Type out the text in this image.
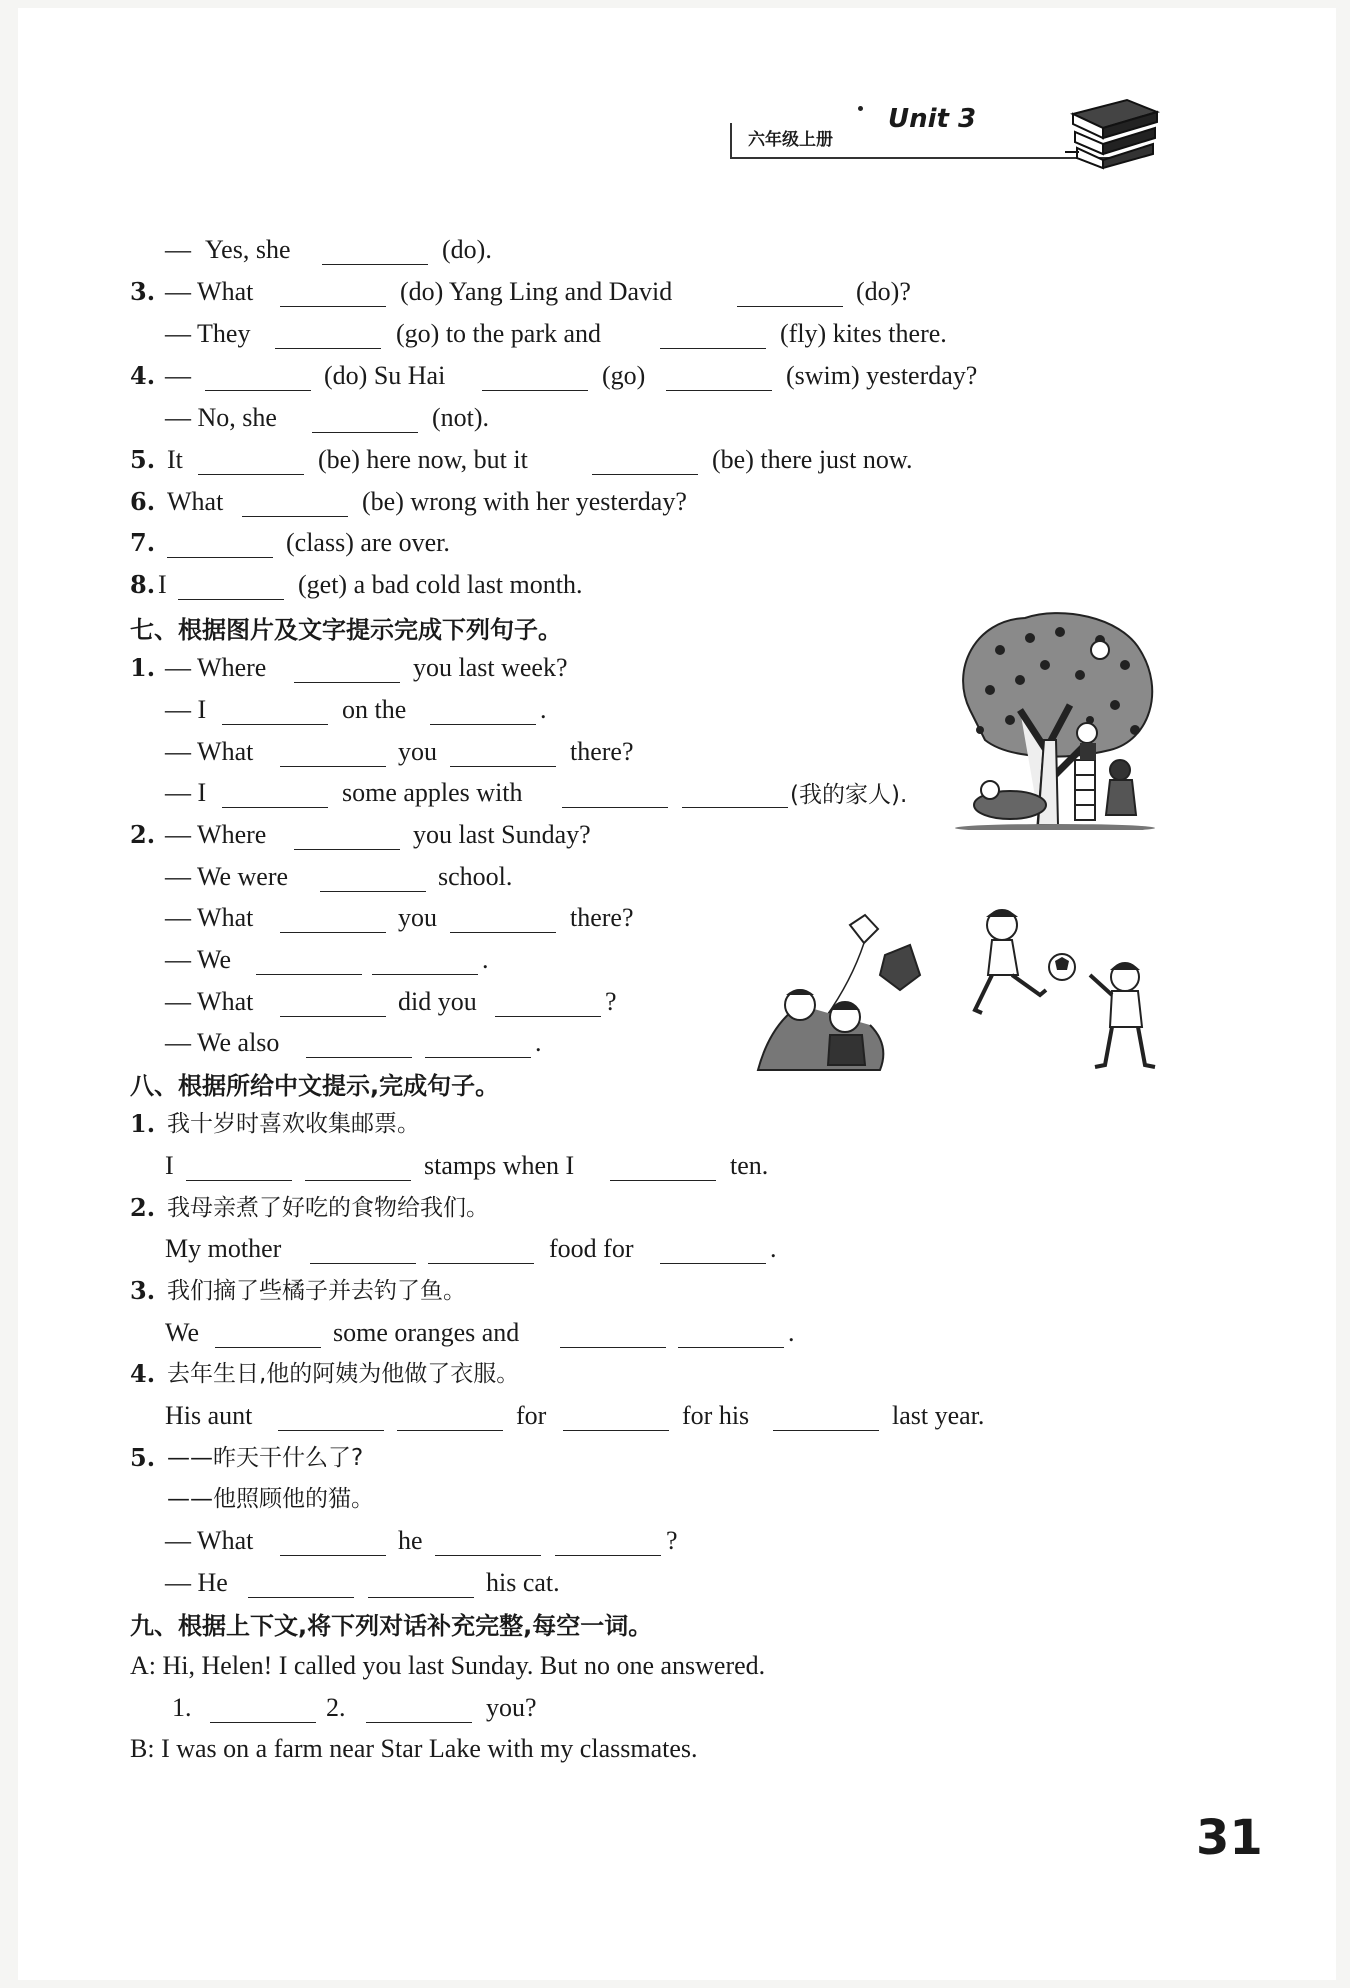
六年级上册
Unit 3
— Yes, she	(do).
3. — What	(do) Yang Ling and David	(do)?
— They	(go) to the park and	(fly) kites there.
4. —	(do) Su Hai	(go)	(swim) yesterday?
— No, she	(not).
5. It	(be) here now, but it	(be) there just now.
6. What	(be) wrong with her yesterday?
7.	(class) are over.
8. I	(get) a bad cold last month.
七、根据图片及文字提示完成下列句子。
1. — Where	you last week?
— I	on the	.
— What	you	there?
— I	some apples with	(我的家人).
2. — Where	you last Sunday?
— We were	school.
— What	you	there?
— We	.
— What	did you	?
— We also	.
八、根据所给中文提示,完成句子。
1. 我十岁时喜欢收集邮票。
I	stamps when I	ten.
2. 我母亲煮了好吃的食物给我们。
My mother	food for	.
3. 我们摘了些橘子并去钓了鱼。
We	some oranges and	.
4. 去年生日,他的阿姨为他做了衣服。
His aunt	for	for his	last year.
5. ——昨天干什么了?
——他照顾他的猫。
— What	he	?
— He	his cat.
九、根据上下文,将下列对话补充完整,每空一词。
A: Hi, Helen! I called you last Sunday. But no one answered.
1.	2.	you?
B: I was on a farm near Star Lake with my classmates.
31
